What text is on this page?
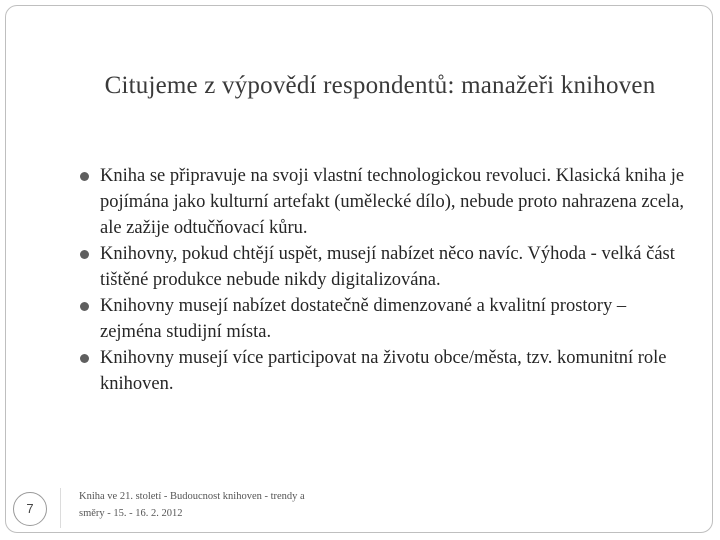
Citujeme z výpovědí respondentů: manažeři knihoven
Kniha se připravuje na svoji vlastní technologickou revoluci. Klasická kniha je pojímána jako kulturní artefakt (umělecké dílo), nebude proto nahrazena zcela, ale zažije odtučňovací kůru.
Knihovny, pokud chtějí uspět, musejí nabízet něco navíc. Výhoda - velká část tištěné produkce nebude nikdy digitalizována.
Knihovny musejí nabízet dostatečně dimenzované a kvalitní prostory – zejména studijní místa.
Knihovny musejí více participovat na životu obce/města, tzv. komunitní role knihoven.
7
Kniha ve 21. století - Budoucnost knihoven - trendy a
směry - 15. - 16. 2. 2012
